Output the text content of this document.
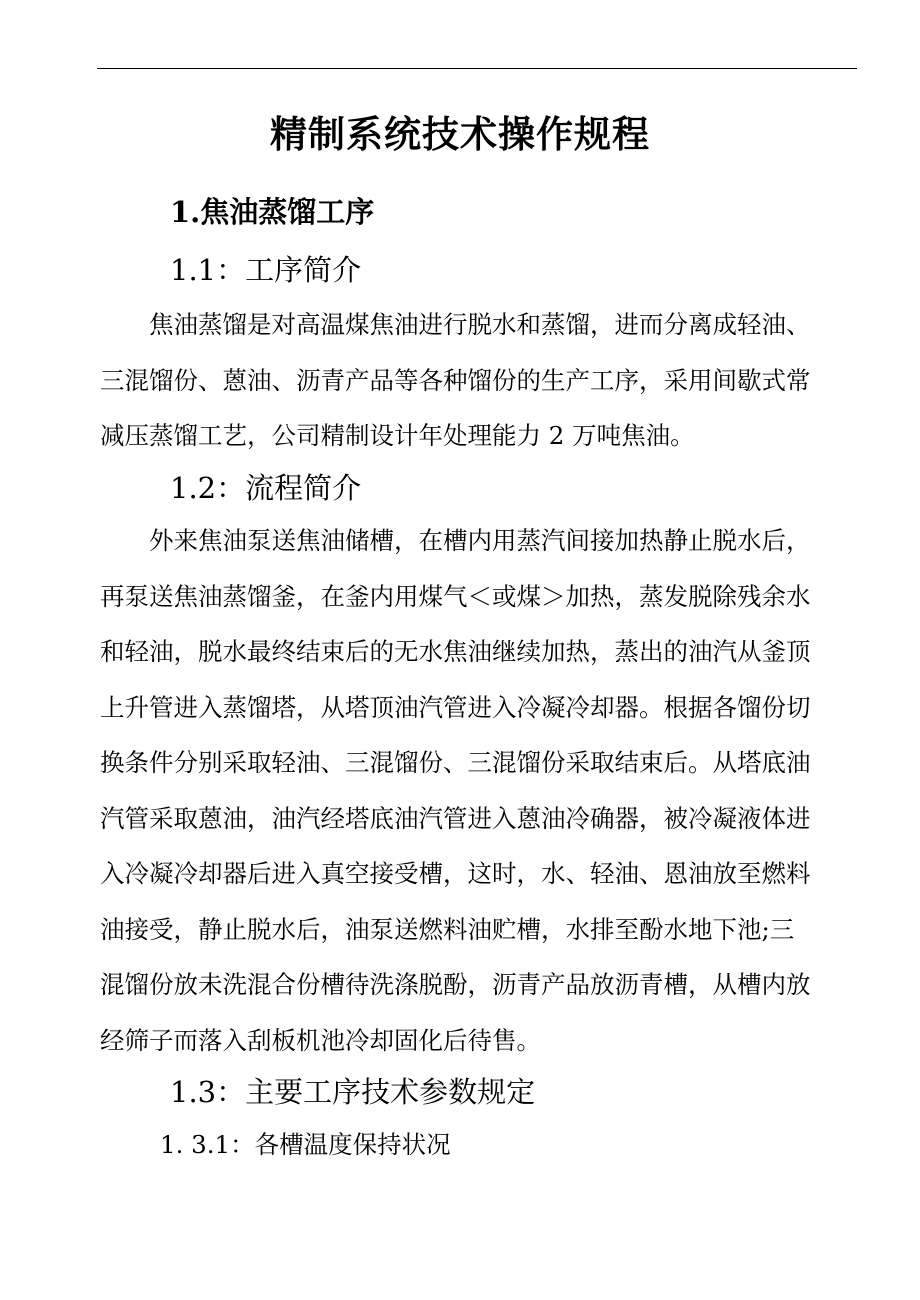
精制系统技术操作规程
1.焦油蒸馏工序
1.1：工序简介
焦油蒸馏是对高温煤焦油进行脱水和蒸馏，进而分离成轻油、
三混馏份、蒽油、沥青产品等各种馏份的生产工序，采用间歇式常
减压蒸馏工艺，公司精制设计年处理能力 2 万吨焦油。
1.2：流程简介
外来焦油泵送焦油储槽，在槽内用蒸汽间接加热静止脱水后，
再泵送焦油蒸馏釜，在釜内用煤气＜或煤＞加热，蒸发脱除残余水
和轻油，脱水最终结束后的无水焦油继续加热，蒸出的油汽从釜顶
上升管进入蒸馏塔，从塔顶油汽管进入冷凝冷却器。根据各馏份切
换条件分别采取轻油、三混馏份、三混馏份采取结束后。从塔底油
汽管采取蒽油，油汽经塔底油汽管进入蒽油冷确器，被冷凝液体进
入冷凝冷却器后进入真空接受槽，这时，水、轻油、恩油放至燃料
油接受，静止脱水后，油泵送燃料油贮槽，水排至酚水地下池;三
混馏份放未洗混合份槽待洗涤脱酚，沥青产品放沥青槽，从槽内放
经筛子而落入刮板机池冷却固化后待售。
1.3：主要工序技术参数规定
1. 3.1：各槽温度保持状况
